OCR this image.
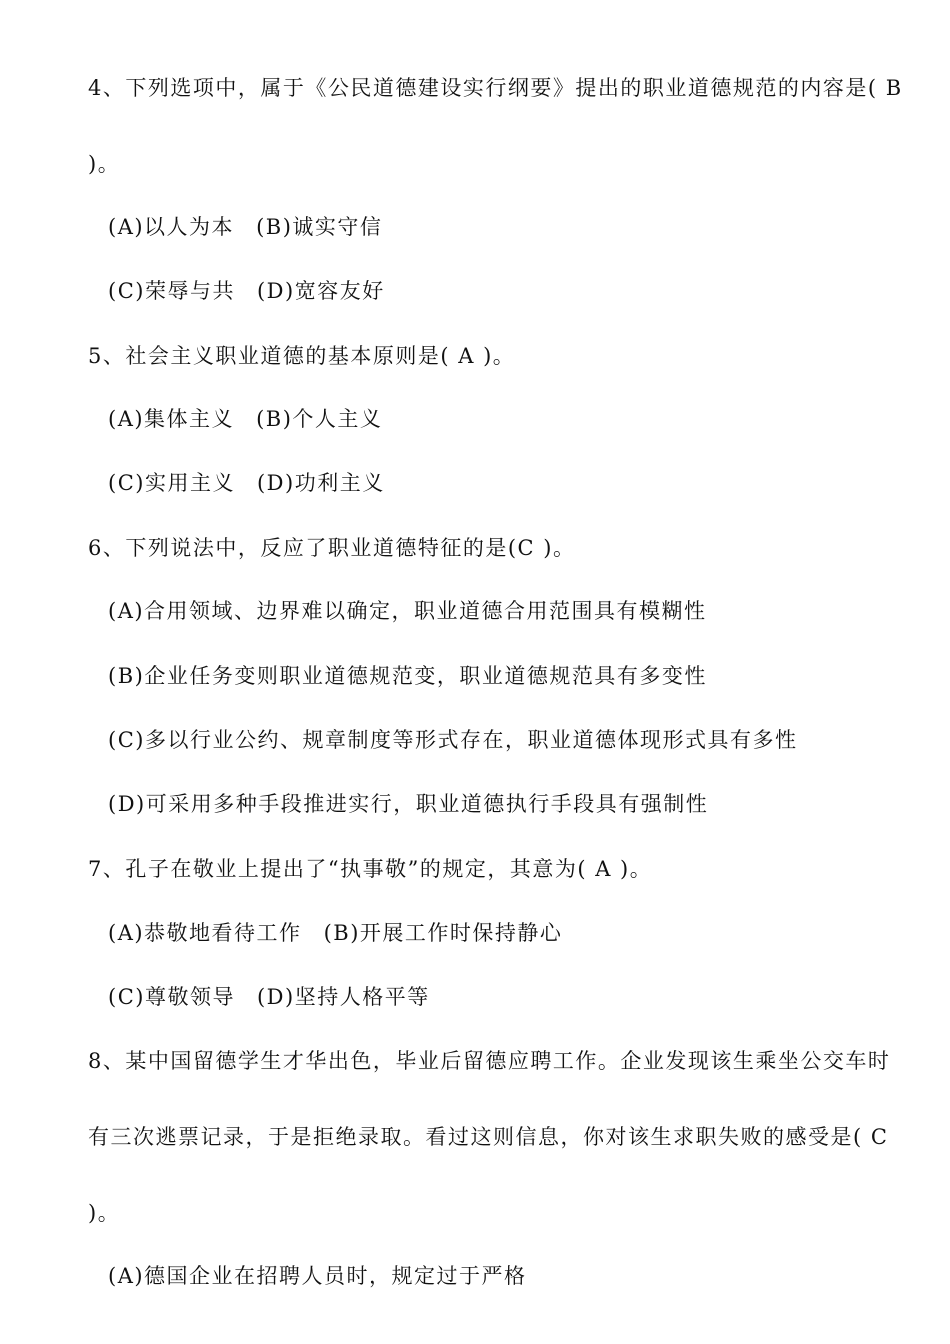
4、下列选项中，属于《公民道德建设实行纲要》提出的职业道德规范的内容是( B
)。
(A)以人为本 (B)诚实守信
(C)荣辱与共 (D)宽容友好
5、社会主义职业道德的基本原则是( A )。
(A)集体主义 (B)个人主义
(C)实用主义 (D)功利主义
6、下列说法中，反应了职业道德特征的是(C )。
(A)合用领域、边界难以确定，职业道德合用范围具有模糊性
(B)企业任务变则职业道德规范变，职业道德规范具有多变性
(C)多以行业公约、规章制度等形式存在，职业道德体现形式具有多性
(D)可采用多种手段推进实行，职业道德执行手段具有强制性
7、孔子在敬业上提出了“执事敬”的规定，其意为( A )。
(A)恭敬地看待工作 (B)开展工作时保持静心
(C)尊敬领导 (D)坚持人格平等
8、某中国留德学生才华出色，毕业后留德应聘工作。企业发现该生乘坐公交车时
有三次逃票记录，于是拒绝录取。看过这则信息，你对该生求职失败的感受是( C
)。
(A)德国企业在招聘人员时，规定过于严格
